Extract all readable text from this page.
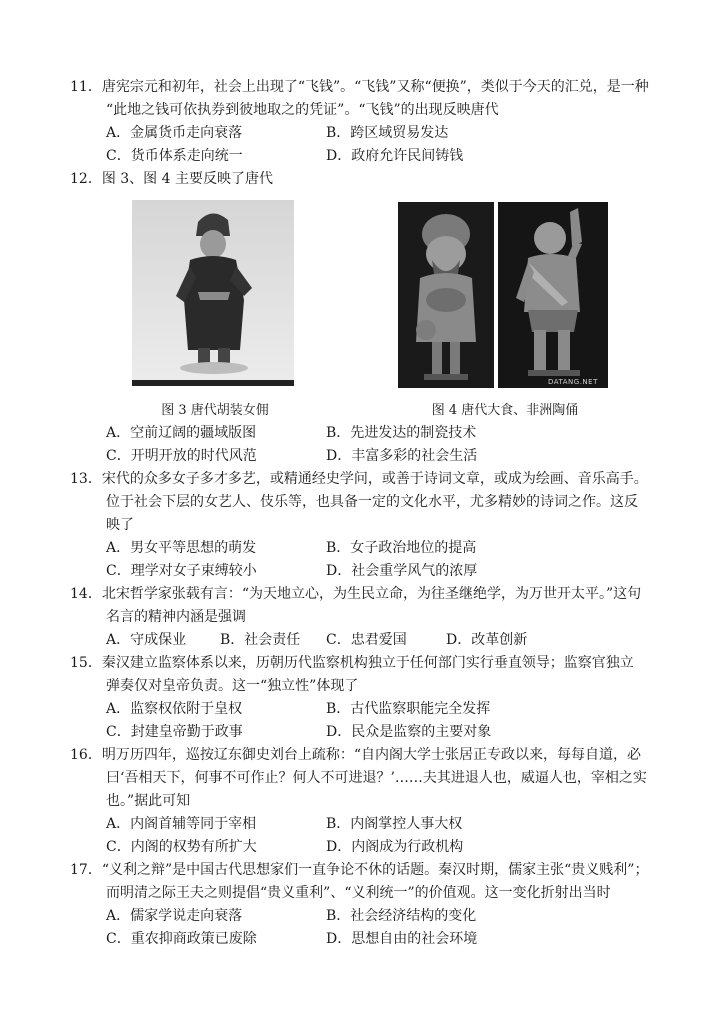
11．唐宪宗元和初年，社会上出现了“飞钱”。“飞钱”又称“便换”，类似于今天的汇兑，是一种
“此地之钱可依执券到彼地取之的凭证”。“飞钱”的出现反映唐代
A．金属货币走向衰落	B．跨区域贸易发达
C．货币体系走向统一	D．政府允许民间铸钱
12．图 3、图 4 主要反映了唐代
DATANG.NET
图 3 唐代胡装女佣	图 4 唐代大食、非洲陶俑
A．空前辽阔的疆域版图	B．先进发达的制瓷技术
C．开明开放的时代风范	D．丰富多彩的社会生活
13．宋代的众多女子多才多艺，或精通经史学问，或善于诗词文章，或成为绘画、音乐高手。
位于社会下层的女艺人、伎乐等，也具备一定的文化水平，尤多精妙的诗词之作。这反
映了
A．男女平等思想的萌发	B．女子政治地位的提高
C．理学对女子束缚较小	D．社会重学风气的浓厚
14．北宋哲学家张载有言：“为天地立心，为生民立命，为往圣继绝学，为万世开太平。”这句
名言的精神内涵是强调
A．守成保业 B．社会责任 C．忠君爱国	D．改革创新
15．秦汉建立监察体系以来，历朝历代监察机构独立于任何部门实行垂直领导；监察官独立
弹奏仅对皇帝负责。这一“独立性”体现了
A．监察权依附于皇权	B．古代监察职能完全发挥
C．封建皇帝勤于政事	D．民众是监察的主要对象
16．明万历四年，巡按辽东御史刘台上疏称：“自内阁大学士张居正专政以来，每每自道，必
曰‘吾相天下，何事不可作止？何人不可进退？’……夫其进退人也，威逼人也，宰相之实
也。”据此可知
A．内阁首辅等同于宰相	B．内阁掌控人事大权
C．内阁的权势有所扩大	D．内阁成为行政机构
17．“义利之辩”是中国古代思想家们一直争论不休的话题。秦汉时期，儒家主张“贵义贱利”；
而明清之际王夫之则提倡“贵义重利”、“义利统一”的价值观。这一变化折射出当时
A．儒家学说走向衰落	B．社会经济结构的变化
C．重农抑商政策已废除	D．思想自由的社会环境
